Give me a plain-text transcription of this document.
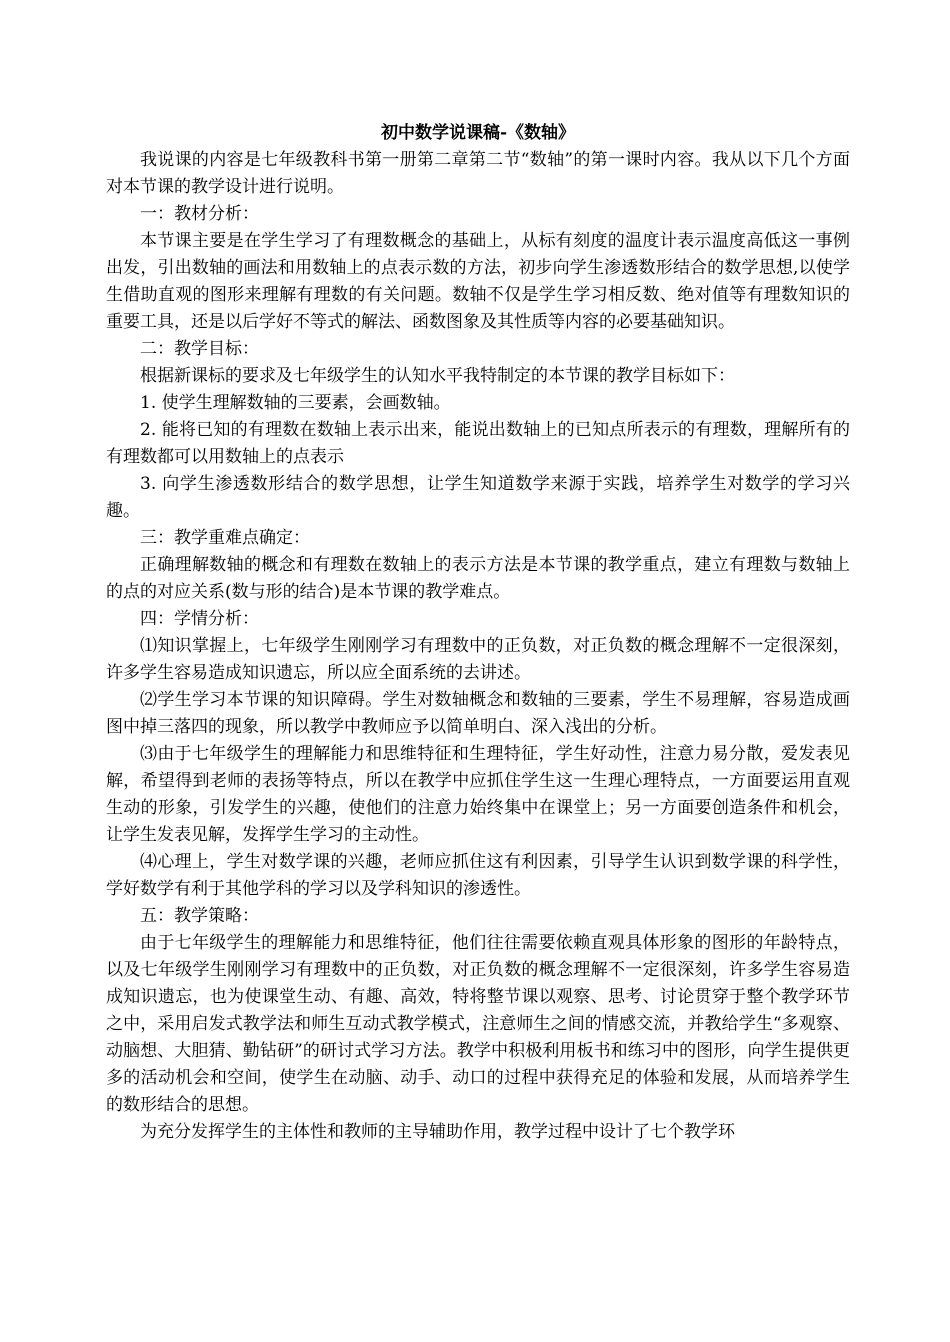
初中数学说课稿-《数轴》

我说课的内容是七年级教科书第一册第二章第二节“数轴”的第一课时内容。我从以下几个方面对本节课的教学设计进行说明。

一：教材分析：

本节课主要是在学生学习了有理数概念的基础上，从标有刻度的温度计表示温度高低这一事例出发，引出数轴的画法和用数轴上的点表示数的方法，初步向学生渗透数形结合的数学思想,以使学生借助直观的图形来理解有理数的有关问题。数轴不仅是学生学习相反数、绝对值等有理数知识的重要工具，还是以后学好不等式的解法、函数图象及其性质等内容的必要基础知识。

二：教学目标：

根据新课标的要求及七年级学生的认知水平我特制定的本节课的教学目标如下：

1. 使学生理解数轴的三要素，会画数轴。

2. 能将已知的有理数在数轴上表示出来，能说出数轴上的已知点所表示的有理数，理解所有的有理数都可以用数轴上的点表示

3. 向学生渗透数形结合的数学思想，让学生知道数学来源于实践，培养学生对数学的学习兴趣。

三：教学重难点确定：

正确理解数轴的概念和有理数在数轴上的表示方法是本节课的教学重点，建立有理数与数轴上的点的对应关系(数与形的结合)是本节课的教学难点。

四：学情分析：

⑴知识掌握上，七年级学生刚刚学习有理数中的正负数，对正负数的概念理解不一定很深刻，许多学生容易造成知识遗忘，所以应全面系统的去讲述。

⑵学生学习本节课的知识障碍。学生对数轴概念和数轴的三要素，学生不易理解，容易造成画图中掉三落四的现象，所以教学中教师应予以简单明白、深入浅出的分析。

⑶由于七年级学生的理解能力和思维特征和生理特征，学生好动性，注意力易分散，爱发表见解，希望得到老师的表扬等特点，所以在教学中应抓住学生这一生理心理特点，一方面要运用直观生动的形象，引发学生的兴趣，使他们的注意力始终集中在课堂上；另一方面要创造条件和机会，让学生发表见解，发挥学生学习的主动性。

⑷心理上，学生对数学课的兴趣，老师应抓住这有利因素，引导学生认识到数学课的科学性，学好数学有利于其他学科的学习以及学科知识的渗透性。

五：教学策略：

由于七年级学生的理解能力和思维特征，他们往往需要依赖直观具体形象的图形的年龄特点，以及七年级学生刚刚学习有理数中的正负数，对正负数的概念理解不一定很深刻，许多学生容易造成知识遗忘，也为使课堂生动、有趣、高效，特将整节课以观察、思考、讨论贯穿于整个教学环节之中，采用启发式教学法和师生互动式教学模式，注意师生之间的情感交流，并教给学生“多观察、动脑想、大胆猜、勤钻研”的研讨式学习方法。教学中积极利用板书和练习中的图形，向学生提供更多的活动机会和空间，使学生在动脑、动手、动口的过程中获得充足的体验和发展，从而培养学生的数形结合的思想。

为充分发挥学生的主体性和教师的主导辅助作用，教学过程中设计了七个教学环
